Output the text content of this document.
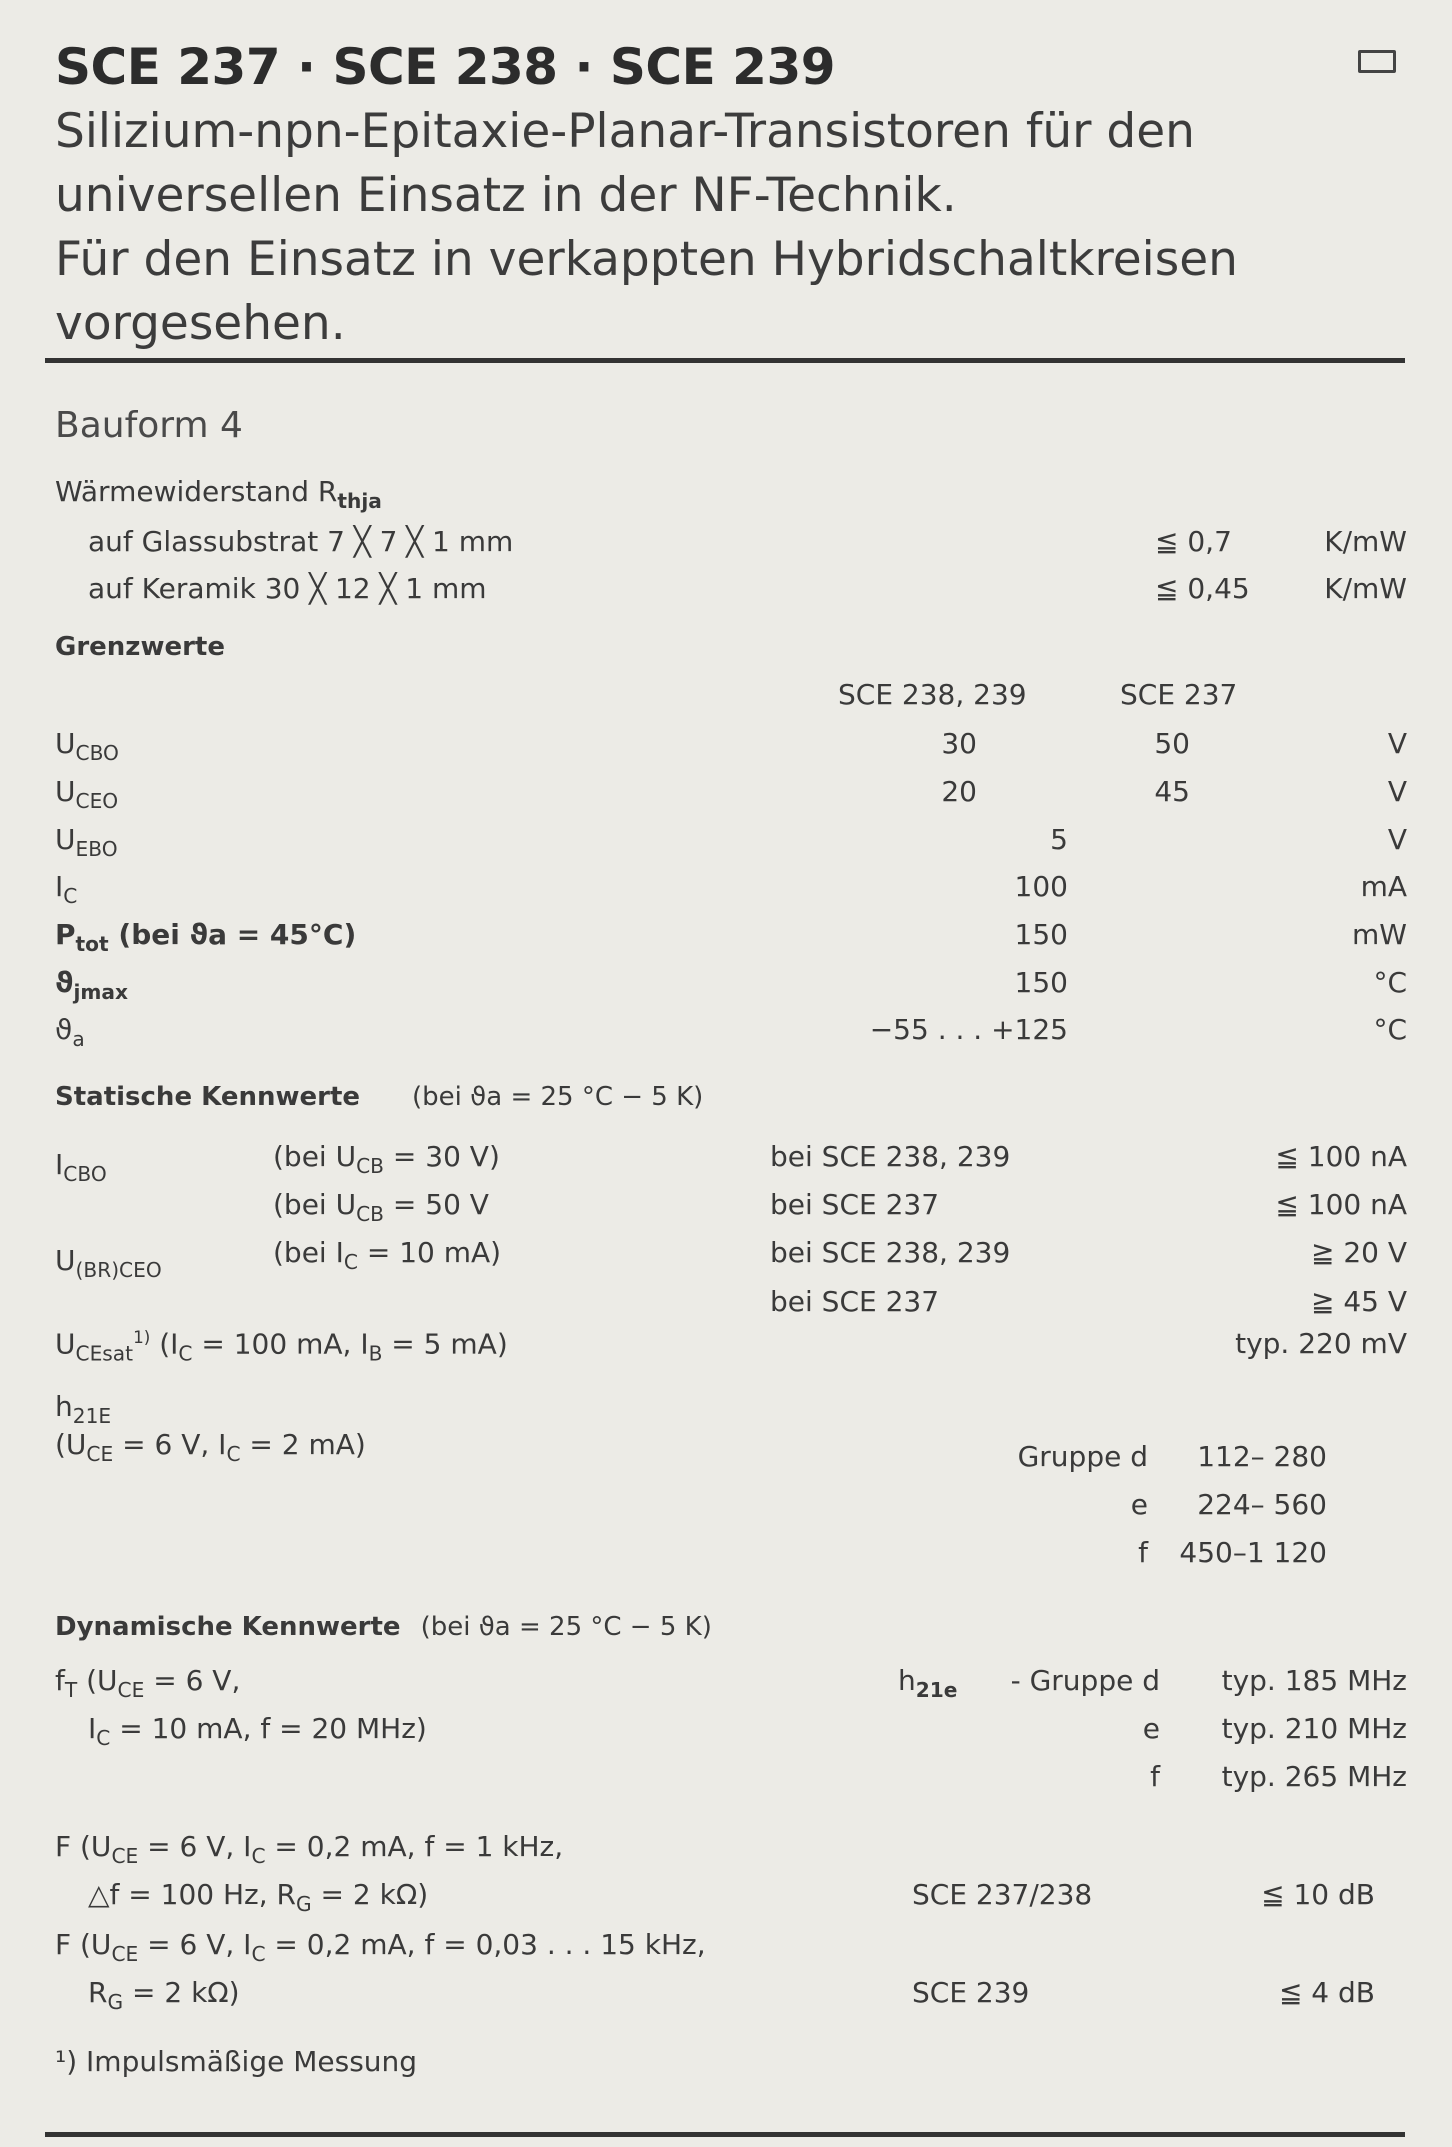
SCE 237 · SCE 238 · SCE 239
Silizium-npn-Epitaxie-Planar-Transistoren für den
universellen Einsatz in der NF-Technik.
Für den Einsatz in verkappten Hybridschaltkreisen
vorgesehen.
Bauform 4
Wärmewiderstand $R_{thja}$
auf Glassubstrat 7 ╳ 7 ╳ 1 mm	≦ 0,7	K/mW
auf Keramik 30 ╳ 12 ╳ 1 mm	≦ 0,45	K/mW
Grenzwerte
SCE 238, 239	SCE 237
$U_{CBO}$	30	50	V
$U_{CEO}$	20	45	V
$U_{EBO}$	5	V
$I_C$	100	mA
$P_{tot}$ (bei ϑa = 45°C)	150	mW
$ϑ_{jmax}$	150	°C
$ϑ_a$	−55 . . . +125	°C
Statische Kennwerte (bei ϑa = 25 °C − 5 K)
$I_{CBO}$
(bei $U_{CB} = 30$ V)	bei SCE 238, 239	≦ 100 nA
(bei $U_{CB} = 50$ V	bei SCE 237	≦ 100 nA
$U_{(BR)CEO}$
(bei $I_C = 10$ mA)	bei SCE 238, 239	≧ 20 V
bei SCE 237	≧ 45 V
$U_{CEsat}^{1)}$ ($I_C = 100$ mA, $I_B = 5$ mA)	typ. 220 mV
$h_{21E}$
($U_{CE} = 6$ V, $I_C = 2$ mA)	Gruppe d	112– 280
e	224– 560
f	450–1 120
Dynamische Kennwerte (bei ϑa = 25 °C − 5 K)
$f_T$ ($U_{CE} = 6$ V,
$I_C = 10$ mA, f = 20 MHz)
$h_{21e}$	- Gruppe d	typ. 185 MHz
e	typ. 210 MHz
f	typ. 265 MHz
F ($U_{CE} = 6$ V, $I_C = 0,2$ mA, f = 1 kHz,
△f = 100 Hz, $R_G = 2$ kΩ)	SCE 237/238	≦ 10 dB
F ($U_{CE} = 6$ V, $I_C = 0,2$ mA, f = 0,03 . . . 15 kHz,
$R_G = 2$ kΩ)	SCE 239	≦ 4 dB
¹) Impulsmäßige Messung
